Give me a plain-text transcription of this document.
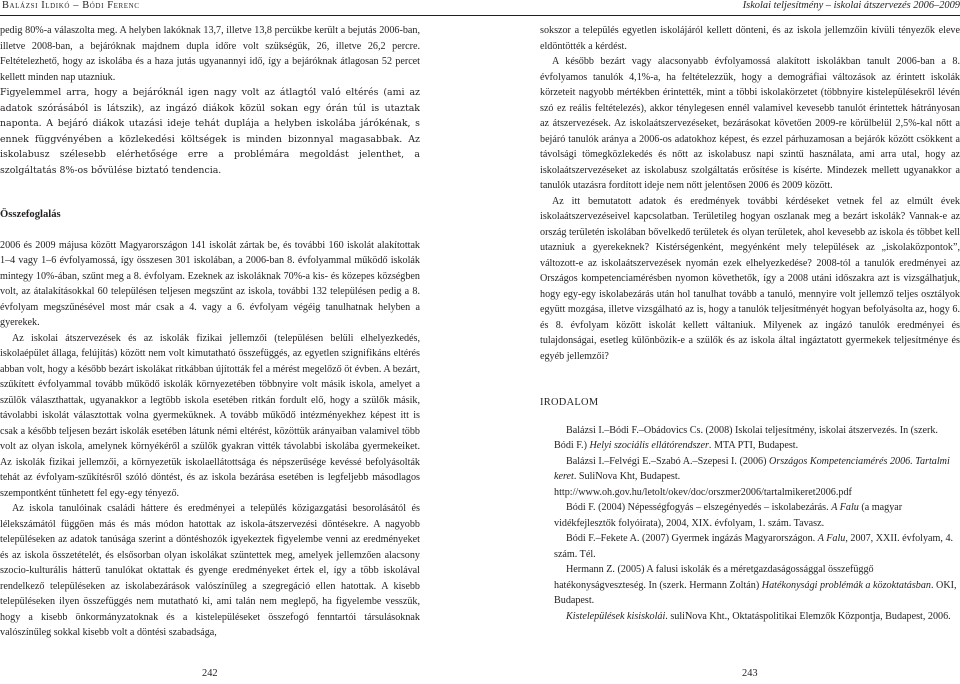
Balázsi Ildikó – Bódi Ferenc

pedig 80%-a válaszolta meg. A helyben lakóknak 13,7, illetve 13,8 percükbe került a bejutás 2006-ban, illetve 2008-ban, a bejáróknak majdnem dupla időre volt szükségük, 26, illetve 26,2 percre. Feltételezhető, hogy az iskolába és a haza jutás ugyanannyi idő, így a bejáróknak átlagosan 52 percet kellett minden nap utazniuk.

Figyelemmel arra, hogy a bejáróknál igen nagy volt az átlagtól való eltérés (ami az adatok szórásából is látszik), az ingázó diákok közül sokan egy órán túl is utaztak naponta. A bejáró diákok utazási ideje tehát duplája a helyben iskolába járókénak, s ennek függvényében a közlekedési költségek is minden bizonnyal magasabbak. Az iskolabusz szélesebb elérhetősége erre a problémára megoldást jelenthet, a szolgáltatás 8%-os bővülése biztató tendencia.

Összefoglalás

2006 és 2009 májusa között Magyarországon 141 iskolát zártak be, és további 160 iskolát alakítottak 1–4 vagy 1–6 évfolyamossá, így összesen 301 iskolában, a 2006-ban 8. évfolyammal működő iskolák mintegy 10%-ában, szűnt meg a 8. évfolyam. Ezeknek az iskoláknak 70%-a kis- és közepes községben volt, az átalakításokkal 60 településen teljesen megszűnt az iskola, további 132 településen pedig a 8. évfolyam megszűnésével most már csak a 4. vagy a 6. évfolyam végéig tanulhatnak helyben a gyerekek.

Az iskolai átszervezések és az iskolák fizikai jellemzői (településen belüli elhelyezkedés, iskolaépület állaga, felújítás) között nem volt kimutatható összefüggés, az egyetlen szignifikáns eltérés abban volt, hogy a később bezárt iskolákat ritkábban újították fel a mérést megelőző öt évben. A bezárt, szűkített évfolyammal tovább működő iskolák környezetében többnyire volt másik iskola, amelyet a szülők választhattak, ugyanakkor a legtöbb iskola esetében ritkán fordult elő, hogy a szülők másik, távolabbi iskolát választottak volna gyermeküknek. A tovább működő intézményekhez képest itt is csak a később teljesen bezárt iskolák esetében látunk némi eltérést, közöttük arányaiban valamivel több volt az olyan iskola, amelynek környékéről a szülők gyakran vitték távolabbi iskolába gyermekeiket. Az iskolák fizikai jellemzői, a környezetük iskolaellátottsága és népszerűsége kevéssé befolyásolták tehát az évfolyam-szűkítésről szóló döntést, és az iskola bezárása esetében is legfeljebb másodlagos szempontként tűnhetett fel egy-egy tényező.

Az iskola tanulóinak családi háttere és eredményei a település közigazgatási besorolásától és lélekszámától függően más és más módon hatottak az iskola-átszervezési döntésekre. A nagyobb településeken az adatok tanúsága szerint a döntéshozók igyekeztek figyelembe venni az eredményeket és az iskola összetételét, és elsősorban olyan iskolákat szüntettek meg, amelyek jellemzően alacsony szocio-kulturális hátterű tanulókat oktattak és gyenge eredményeket értek el, így a több iskolával rendelkező településeken az iskolabezárások valószínűleg a szegregáció ellen hatottak. A kisebb településeken ilyen összefüggés nem mutatható ki, ami talán nem meglepő, ha figyelembe vesszük, hogy a kisebb önkormányzatoknak és a kistelepüléseket összefogó fenntartói társulásoknak valószínűleg sokkal kisebb volt a döntési szabadsága,

242
Iskolai teljesítmény – iskolai átszervezés 2006–2009

sokszor a település egyetlen iskolájáról kellett dönteni, és az iskola jellemzőin kívüli tényezők eleve eldöntötték a kérdést.

A később bezárt vagy alacsonyabb évfolyamossá alakított iskolákban tanult 2006-ban a 8. évfolyamos tanulók 4,1%-a, ha feltételezzük, hogy a demográfiai változások az érintett iskolák körzeteit nagyobb mértékben érintették, mint a többi iskolakörzetet (többnyire kistelepülésekről lévén szó ez reális feltételezés), akkor ténylegesen ennél valamivel kevesebb tanulót érintettek hátrányosan az átszervezések. Az iskolaátszervezéseket, bezárásokat követően 2009-re körülbelül 2,5%-kal nőtt a bejáró tanulók aránya a 2006-os adatokhoz képest, és ezzel párhuzamosan a bejárók között csökkent a távolsági tömegközlekedés és nőtt az iskolabusz napi szintű használata, ami arra utal, hogy az iskolaátszervezéseket az iskolabusz szolgáltatás erősítése is kísérte. Mindezek mellett ugyanakkor a tanulók utazásra fordított ideje nem nőtt jelentősen 2006 és 2009 között.

Az itt bemutatott adatok és eredmények további kérdéseket vetnek fel az elmúlt évek iskolaátszervezéseivel kapcsolatban. Területileg hogyan oszlanak meg a bezárt iskolák? Vannak-e az ország területén iskolában bővelkedő területek és olyan területek, ahol kevesebb az iskola és többet kell utazniuk a gyerekeknek? Kistérségenként, megyénként mely települések az „iskolaközpontok”, változott-e az iskolaátszervezések nyomán ezek elhelyezkedése? 2008-tól a tanulók eredményei az Országos kompetenciamérésben nyomon követhetők, így a 2008 utáni időszakra azt is vizsgálhatjuk, hogy egy-egy iskolabezárás után hol tanulhat tovább a tanuló, mennyire volt jellemző teljes osztályok együtt mozgása, illetve vizsgálható az is, hogy a tanulók teljesítményét hogyan befolyásolta az, hogy 6. és 8. évfolyam között iskolát kellett váltaniuk. Milyenek az ingázó tanulók eredményei és tulajdonságai, esetleg különbözik-e a szülők és az iskola által ingáztatott gyermekek teljesítménye és egyéb jellemzői?

IRODALOM

Balázsi I.–Bódi F.–Obádovics Cs. (2008) Iskolai teljesítmény, iskolai átszervezés. In (szerk. Bódi F.) Helyi szociális ellátórendszer. MTA PTI, Budapest.

Balázsi I.–Felvégi E.–Szabó A.–Szepesi I. (2006) Országos Kompetenciamérés 2006. Tartalmi keret. SuliNova Kht, Budapest. http://www.oh.gov.hu/letolt/okev/doc/orszmer2006/tartalmikeret2006.pdf

Bódi F. (2004) Népességfogyás – elszegényedés – iskolabezárás. A Falu (a magyar vidékfejlesztők folyóirata), 2004, XIX. évfolyam, 1. szám. Tavasz.

Bódi F.–Fekete A. (2007) Gyermek ingázás Magyarországon. A Falu, 2007, XXII. évfolyam, 4. szám. Tél.

Hermann Z. (2005) A falusi iskolák és a méretgazdaságossággal összefüggő hatékonyságveszteség. In (szerk. Hermann Zoltán) Hatékonysági problémák a közoktatásban. OKI, Budapest.

Kistelepülések kisiskolái. suliNova Kht., Oktatáspolitikai Elemzők Központja, Budapest, 2006.

243
